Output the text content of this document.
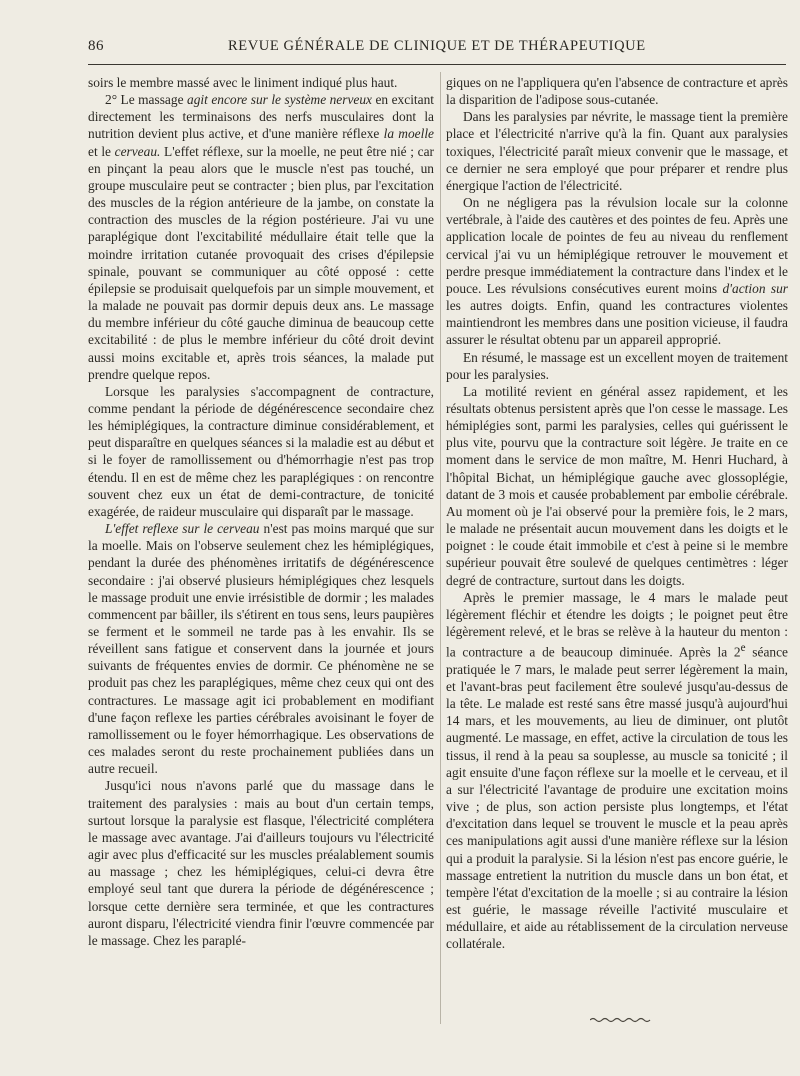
86	REVUE GÉNÉRALE DE CLINIQUE ET DE THÉRAPEUTIQUE

soirs le membre massé avec le liniment indiqué plus haut.

2° Le massage agit encore sur le système nerveux en excitant directement les terminaisons des nerfs musculaires dont la nutrition devient plus active, et d'une manière réflexe la moelle et le cerveau. L'effet réflexe, sur la moelle, ne peut être nié ; car en pinçant la peau alors que le muscle n'est pas touché, un groupe musculaire peut se contracter ; bien plus, par l'excitation des muscles de la région antérieure de la jambe, on constate la contraction des muscles de la région postérieure. J'ai vu une paraplégique dont l'excitabilité médullaire était telle que la moindre irritation cutanée provoquait des crises d'épilepsie spinale, pouvant se communiquer au côté opposé : cette épilepsie se produisait quelquefois par un simple mouvement, et la malade ne pouvait pas dormir depuis deux ans. Le massage du membre inférieur du côté gauche diminua de beaucoup cette excitabilité : de plus le membre inférieur du côté droit devint aussi moins excitable et, après trois séances, la malade put prendre quelque repos.

Lorsque les paralysies s'accompagnent de contracture, comme pendant la période de dégénérescence secondaire chez les hémiplégiques, la contracture diminue considérablement, et peut disparaître en quelques séances si la maladie est au début et si le foyer de ramollissement ou d'hémorrhagie n'est pas trop étendu. Il en est de même chez les paraplégiques : on rencontre souvent chez eux un état de demi-contracture, de tonicité exagérée, de raideur musculaire qui disparaît par le massage.

L'effet reflexe sur le cerveau n'est pas moins marqué que sur la moelle. Mais on l'observe seulement chez les hémiplégiques, pendant la durée des phénomènes irritatifs de dégénérescence secondaire : j'ai observé plusieurs hémiplégiques chez lesquels le massage produit une envie irrésistible de dormir ; les malades commencent par bâiller, ils s'étirent en tous sens, leurs paupières se ferment et le sommeil ne tarde pas à les envahir. Ils se réveillent sans fatigue et conservent dans la journée et jours suivants de fréquentes envies de dormir. Ce phénomène ne se produit pas chez les paraplégiques, même chez ceux qui ont des contractures. Le massage agit ici probablement en modifiant d'une façon reflexe les parties cérébrales avoisinant le foyer de ramollissement ou le foyer hémorrhagique. Les observations de ces malades seront du reste prochainement publiées dans un autre recueil.

Jusqu'ici nous n'avons parlé que du massage dans le traitement des paralysies : mais au bout d'un certain temps, surtout lorsque la paralysie est flasque, l'électricité complétera le massage avec avantage. J'ai d'ailleurs toujours vu l'électricité agir avec plus d'efficacité sur les muscles préalablement soumis au massage ; chez les hémiplégiques, celui-ci devra être employé seul tant que durera la période de dégénérescence ; lorsque cette dernière sera terminée, et que les contractures auront disparu, l'électricité viendra finir l'œuvre commencée par le massage. Chez les paraplé-

giques on ne l'appliquera qu'en l'absence de contracture et après la disparition de l'adipose sous-cutanée.

Dans les paralysies par névrite, le massage tient la première place et l'électricité n'arrive qu'à la fin. Quant aux paralysies toxiques, l'électricité paraît mieux convenir que le massage, et ce dernier ne sera employé que pour préparer et rendre plus énergique l'action de l'électricité.

On ne négligera pas la révulsion locale sur la colonne vertébrale, à l'aide des cautères et des pointes de feu. Après une application locale de pointes de feu au niveau du renflement cervical j'ai vu un hémiplégique retrouver le mouvement et perdre presque immédiatement la contracture dans l'index et le pouce. Les révulsions consécutives eurent moins d'action sur les autres doigts. Enfin, quand les contractures violentes maintiendront les membres dans une position vicieuse, il faudra assurer le résultat obtenu par un appareil approprié.

En résumé, le massage est un excellent moyen de traitement pour les paralysies.

La motilité revient en général assez rapidement, et les résultats obtenus persistent après que l'on cesse le massage. Les hémiplégies sont, parmi les paralysies, celles qui guérissent le plus vite, pourvu que la contracture soit légère. Je traite en ce moment dans le service de mon maître, M. Henri Huchard, à l'hôpital Bichat, un hémiplégique gauche avec glossoplégie, datant de 3 mois et causée probablement par embolie cérébrale. Au moment où je l'ai observé pour la première fois, le 2 mars, le malade ne présentait aucun mouvement dans les doigts et le poignet : le coude était immobile et c'est à peine si le membre supérieur pouvait être soulevé de quelques centimètres : léger degré de contracture, surtout dans les doigts.

Après le premier massage, le 4 mars le malade peut légèrement fléchir et étendre les doigts ; le poignet peut être légèrement relevé, et le bras se relève à la hauteur du menton : la contracture a de beaucoup diminuée. Après la 2e séance pratiquée le 7 mars, le malade peut serrer légèrement la main, et l'avant-bras peut facilement être soulevé jusqu'au-dessus de la tête. Le malade est resté sans être massé jusqu'à aujourd'hui 14 mars, et les mouvements, au lieu de diminuer, ont plutôt augmenté. Le massage, en effet, active la circulation de tous les tissus, il rend à la peau sa souplesse, au muscle sa tonicité ; il agit ensuite d'une façon réflexe sur la moelle et le cerveau, et il a sur l'électricité l'avantage de produire une excitation moins vive ; de plus, son action persiste plus longtemps, et l'état d'excitation dans lequel se trouvent le muscle et la peau après ces manipulations agit aussi d'une manière réflexe sur la lésion qui a produit la paralysie. Si la lésion n'est pas encore guérie, le massage entretient la nutrition du muscle dans un bon état, et tempère l'état d'excitation de la moelle ; si au contraire la lésion est guérie, le massage réveille l'activité musculaire et médullaire, et aide au rétablissement de la circulation nerveuse collatérale.
